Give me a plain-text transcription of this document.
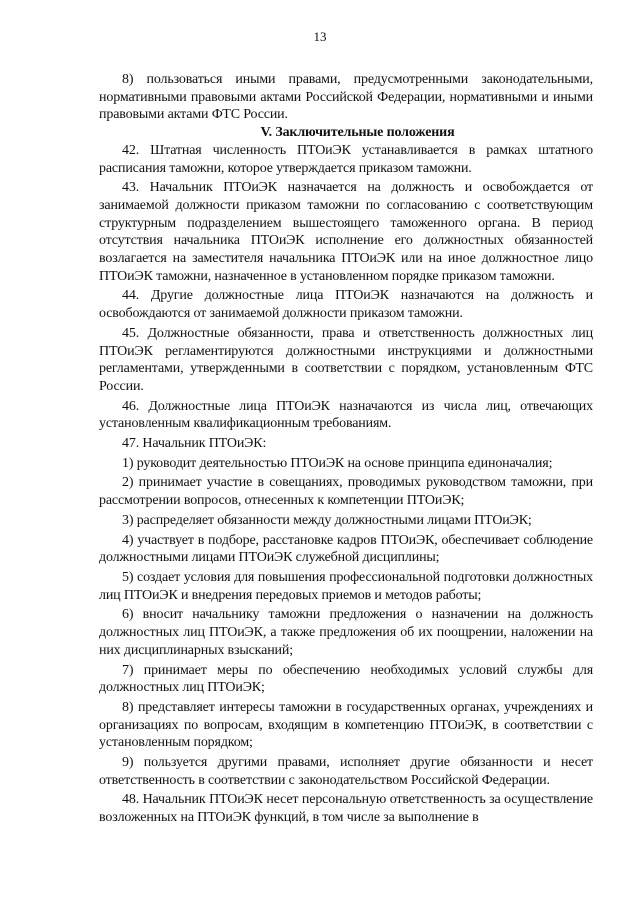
13

8) пользоваться иными правами, предусмотренными законодательными, нормативными правовыми актами Российской Федерации, нормативными и иными правовыми актами ФТС России.

V. Заключительные положения

42. Штатная численность ПТОиЭК устанавливается в рамках штатного расписания таможни, которое утверждается приказом таможни.

43. Начальник ПТОиЭК назначается на должность и освобождается от занимаемой должности приказом таможни по согласованию с соответствующим структурным подразделением вышестоящего таможенного органа. В период отсутствия начальника ПТОиЭК исполнение его должностных обязанностей возлагается на заместителя начальника ПТОиЭК или на иное должностное лицо ПТОиЭК таможни, назначенное в установленном порядке приказом таможни.

44. Другие должностные лица ПТОиЭК назначаются на должность и освобождаются от занимаемой должности приказом таможни.

45. Должностные обязанности, права и ответственность должностных лиц ПТОиЭК регламентируются должностными инструкциями и должностными регламентами, утвержденными в соответствии с порядком, установленным ФТС России.

46. Должностные лица ПТОиЭК назначаются из числа лиц, отвечающих установленным квалификационным требованиям.

47. Начальник ПТОиЭК:

1) руководит деятельностью ПТОиЭК на основе принципа единоначалия;

2) принимает участие в совещаниях, проводимых руководством таможни, при рассмотрении вопросов, отнесенных к компетенции ПТОиЭК;

3) распределяет обязанности между должностными лицами ПТОиЭК;

4) участвует в подборе, расстановке кадров ПТОиЭК, обеспечивает соблюдение должностными лицами ПТОиЭК служебной дисциплины;

5) создает условия для повышения профессиональной подготовки должностных лиц ПТОиЭК и внедрения передовых приемов и методов работы;

6) вносит начальнику таможни предложения о назначении на должность должностных лиц ПТОиЭК, а также предложения об их поощрении, наложении на них дисциплинарных взысканий;

7) принимает меры по обеспечению необходимых условий службы для должностных лиц ПТОиЭК;

8) представляет интересы таможни в государственных органах, учреждениях и организациях по вопросам, входящим в компетенцию ПТОиЭК, в соответствии с установленным порядком;

9) пользуется другими правами, исполняет другие обязанности и несет ответственность в соответствии с законодательством Российской Федерации.

48. Начальник ПТОиЭК несет персональную ответственность за осуществление возложенных на ПТОиЭК функций, в том числе за выполнение в
